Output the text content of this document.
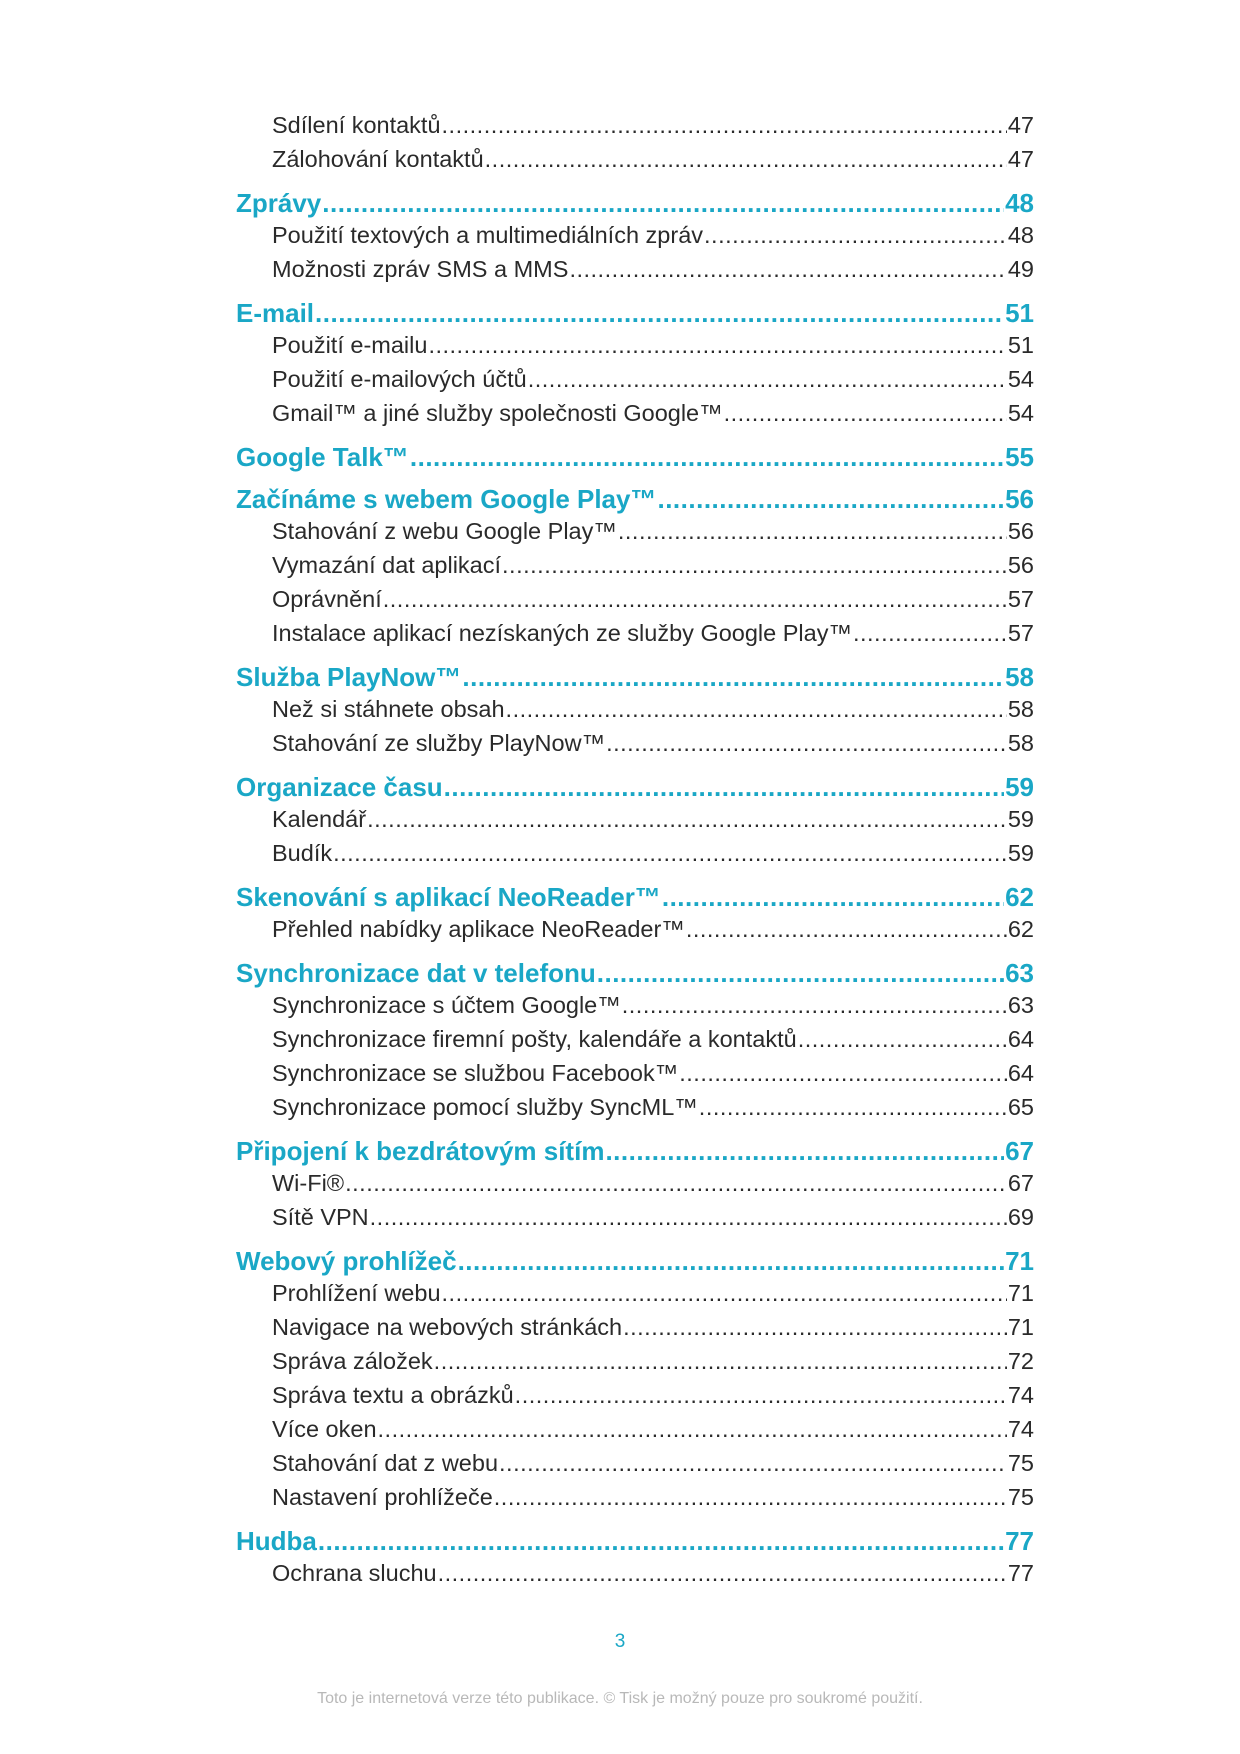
Sdílení kontaktů .....	47
Zálohování kontaktů .....	47
Zprávy .....	48
Použití textových a multimediálních zpráv .....	48
Možnosti zpráv SMS a MMS .....	49
E-mail .....	51
Použití e-mailu .....	51
Použití e-mailových účtů .....	54
Gmail™ a jiné služby společnosti Google™ .....	54
Google Talk™ .....	55
Začínáme s webem Google Play™ .....	56
Stahování z webu Google Play™ .....	56
Vymazání dat aplikací .....	56
Oprávnění .....	57
Instalace aplikací nezískaných ze služby Google Play™ .....	57
Služba PlayNow™ .....	58
Než si stáhnete obsah .....	58
Stahování ze služby PlayNow™ .....	58
Organizace času .....	59
Kalendář .....	59
Budík .....	59
Skenování s aplikací NeoReader™ .....	62
Přehled nabídky aplikace NeoReader™ .....	62
Synchronizace dat v telefonu .....	63
Synchronizace s účtem Google™ .....	63
Synchronizace firemní pošty, kalendáře a kontaktů .....	64
Synchronizace se službou Facebook™ .....	64
Synchronizace pomocí služby SyncML™ .....	65
Připojení k bezdrátovým sítím .....	67
Wi-Fi® .....	67
Sítě VPN .....	69
Webový prohlížeč .....	71
Prohlížení webu .....	71
Navigace na webových stránkách .....	71
Správa záložek .....	72
Správa textu a obrázků .....	74
Více oken .....	74
Stahování dat z webu .....	75
Nastavení prohlížeče .....	75
Hudba .....	77
Ochrana sluchu .....	77
3
Toto je internetová verze této publikace. © Tisk je možný pouze pro soukromé použití.
